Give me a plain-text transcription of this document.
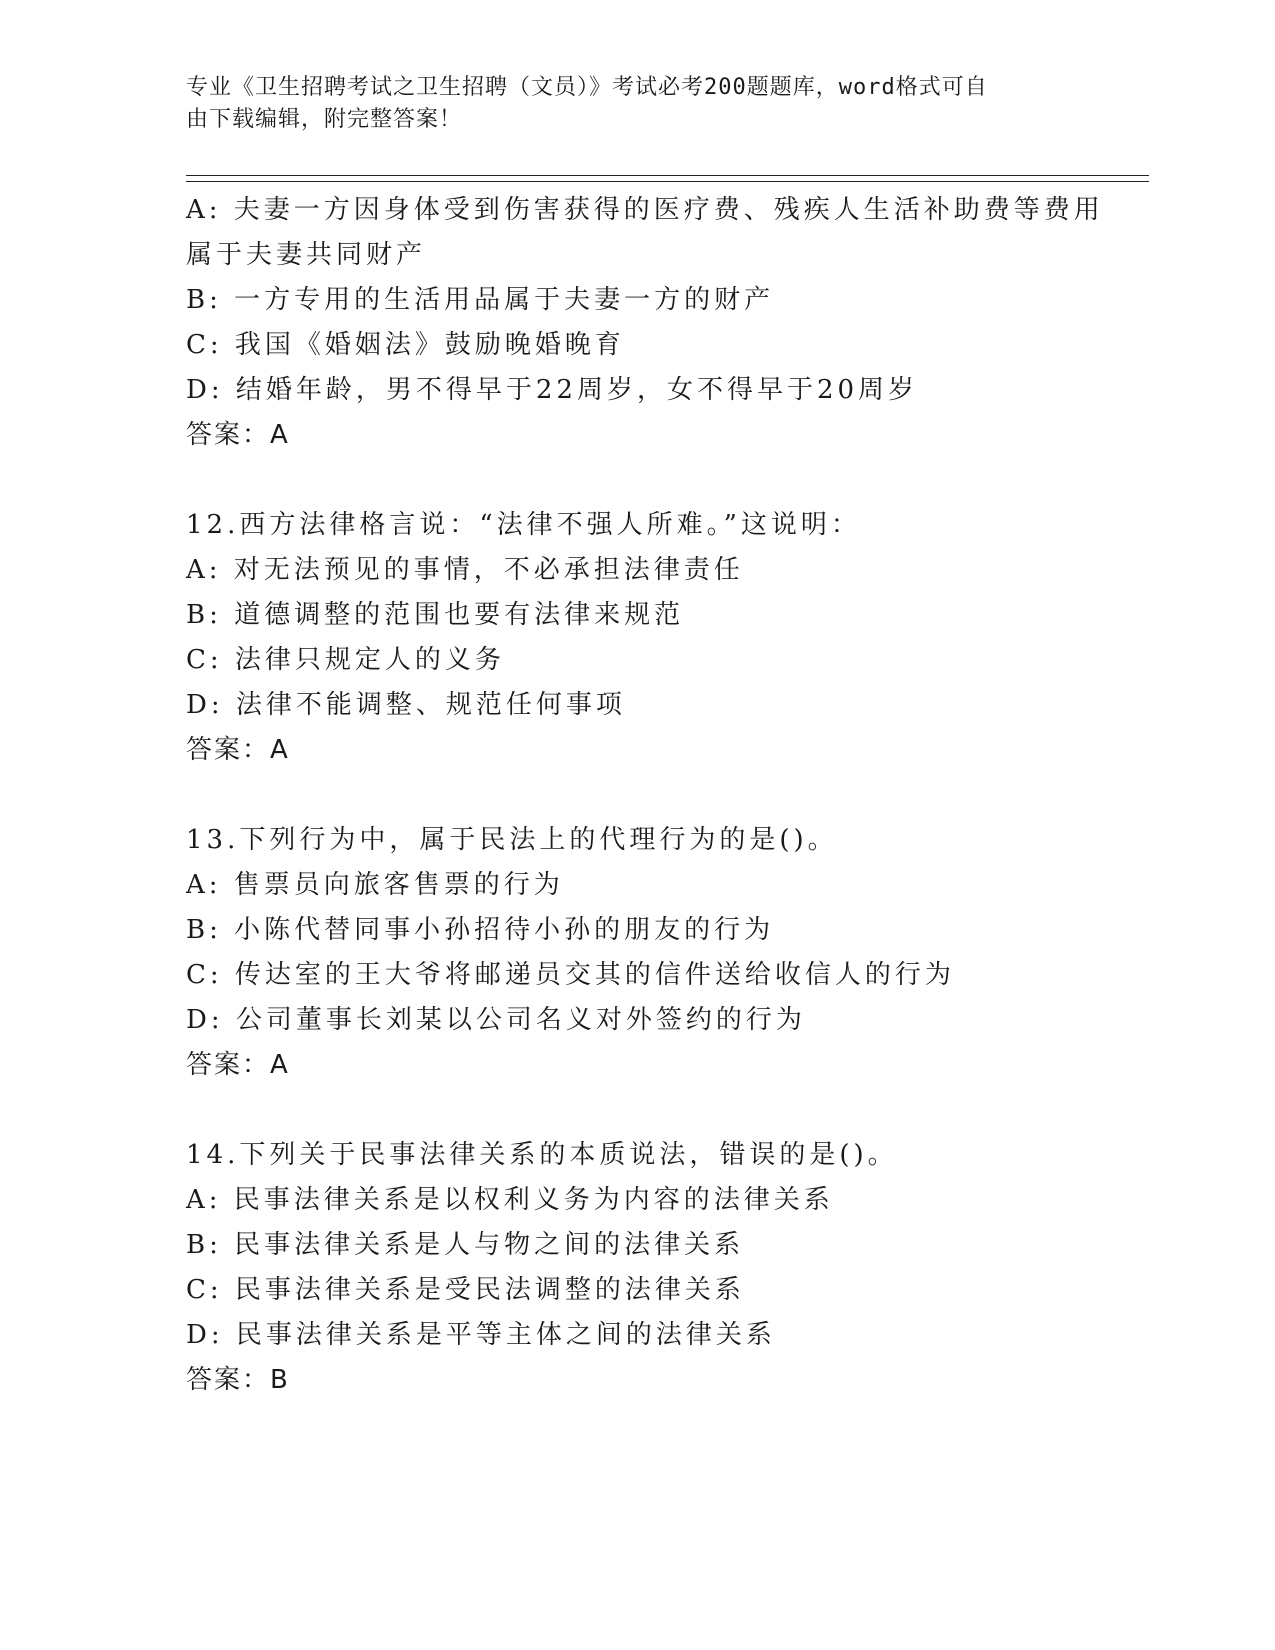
专业《卫生招聘考试之卫生招聘（文员）》考试必考200题题库，word格式可自
由下载编辑，附完整答案！

A: 夫妻一方因身体受到伤害获得的医疗费、残疾人生活补助费等费用

属于夫妻共同财产

B: 一方专用的生活用品属于夫妻一方的财产

C: 我国《婚姻法》鼓励晚婚晚育

D: 结婚年龄，男不得早于22周岁，女不得早于20周岁

答案：A

12.西方法律格言说：“法律不强人所难。”这说明：

A: 对无法预见的事情，不必承担法律责任

B: 道德调整的范围也要有法律来规范

C: 法律只规定人的义务

D: 法律不能调整、规范任何事项

答案：A

13.下列行为中，属于民法上的代理行为的是()。

A: 售票员向旅客售票的行为

B: 小陈代替同事小孙招待小孙的朋友的行为

C: 传达室的王大爷将邮递员交其的信件送给收信人的行为

D: 公司董事长刘某以公司名义对外签约的行为

答案：A

14.下列关于民事法律关系的本质说法，错误的是()。

A: 民事法律关系是以权利义务为内容的法律关系

B: 民事法律关系是人与物之间的法律关系

C: 民事法律关系是受民法调整的法律关系

D: 民事法律关系是平等主体之间的法律关系

答案：B
